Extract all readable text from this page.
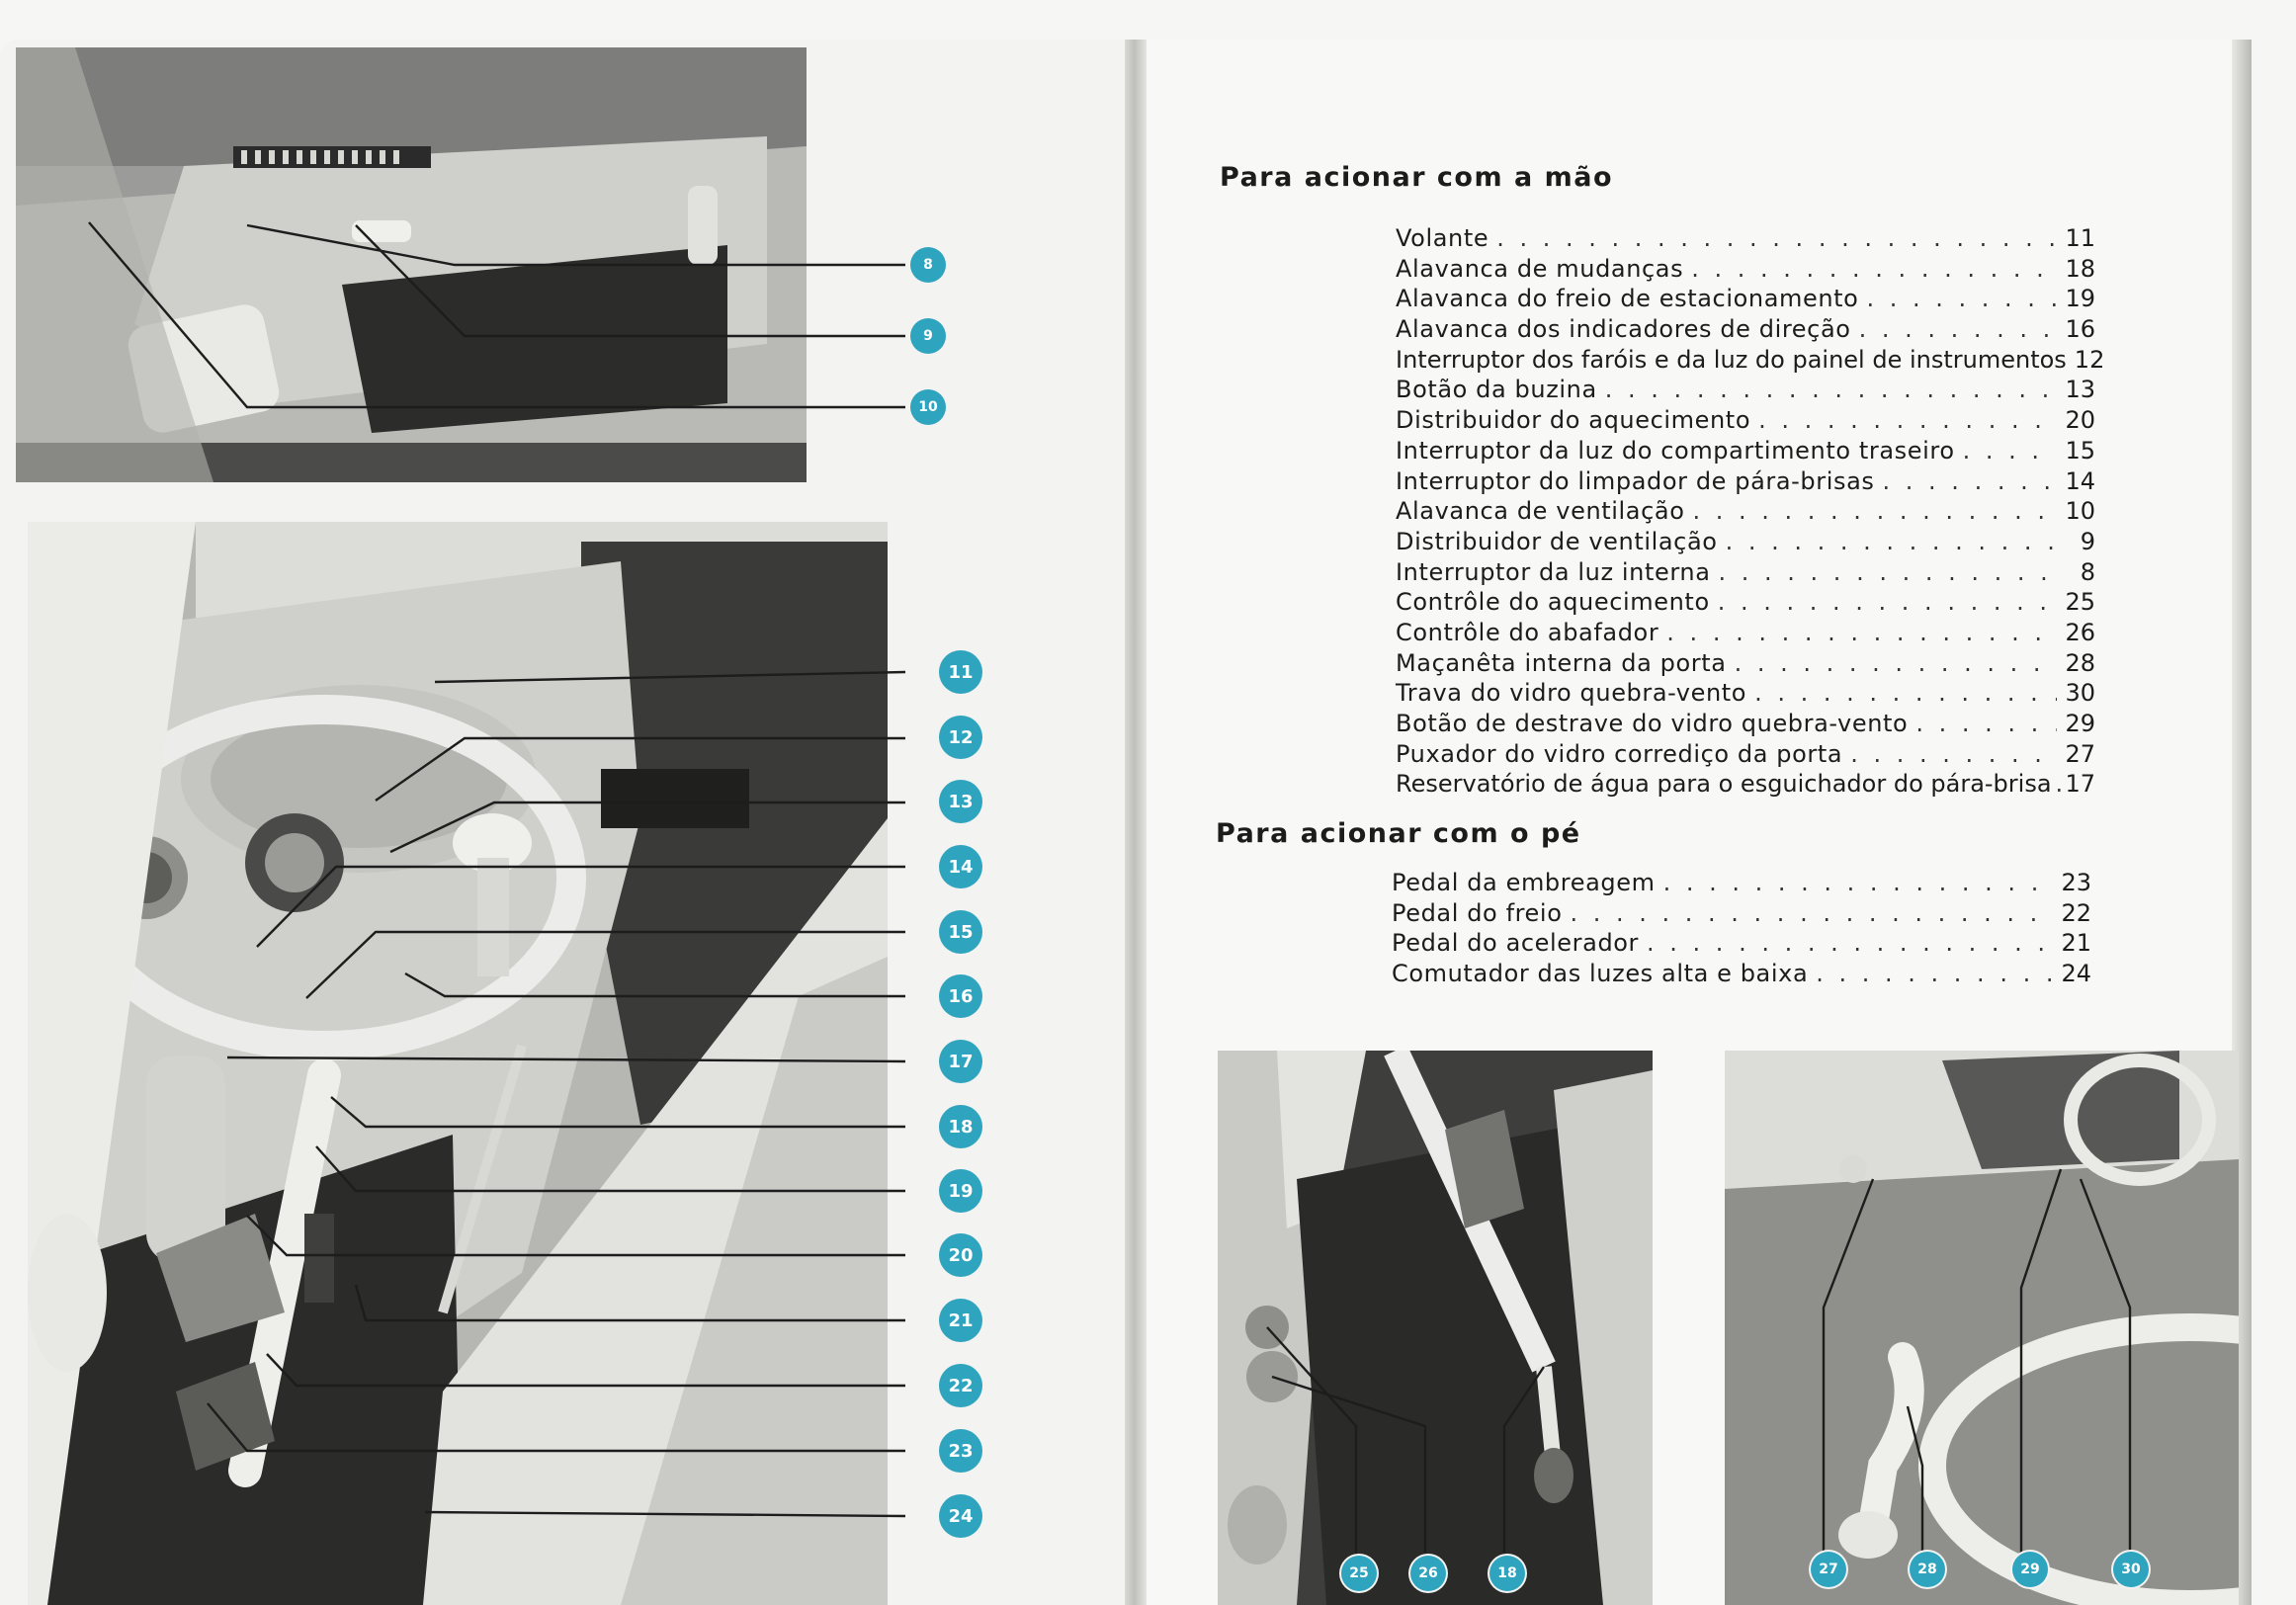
8
9
10
11
12
13
14
15
16
17
18
19
20
21
22
23
24
Para acionar com a mão
Volante . . .	11
Alavanca de mudanças . . .	18
Alavanca do freio de estacionamento . . .	19
Alavanca dos indicadores de direção . . .	16
Interruptor dos faróis e da luz do painel de instrumentos 12
Botão da buzina . . .	13
Distribuidor do aquecimento . . .	20
Interruptor da luz do compartimento traseiro . . .	15
Interruptor do limpador de pára-brisas . . .	14
Alavanca de ventilação . . .	10
Distribuidor de ventilação . . .	9
Interruptor da luz interna . . .	8
Contrôle do aquecimento . . .	25
Contrôle do abafador . . .	26
Maçanêta interna da porta . . .	28
Trava do vidro quebra-vento . . .	30
Botão de destrave do vidro quebra-vento . . .	29
Puxador do vidro corrediço da porta . . .	27
Reservatório de água para o esguichador do pára-brisa . . . 17
Para acionar com o pé
Pedal da embreagem . . .	23
Pedal do freio . . .	22
Pedal do acelerador . . .	21
Comutador das luzes alta e baixa . . .	24
25	26	18	27	28	29	30
